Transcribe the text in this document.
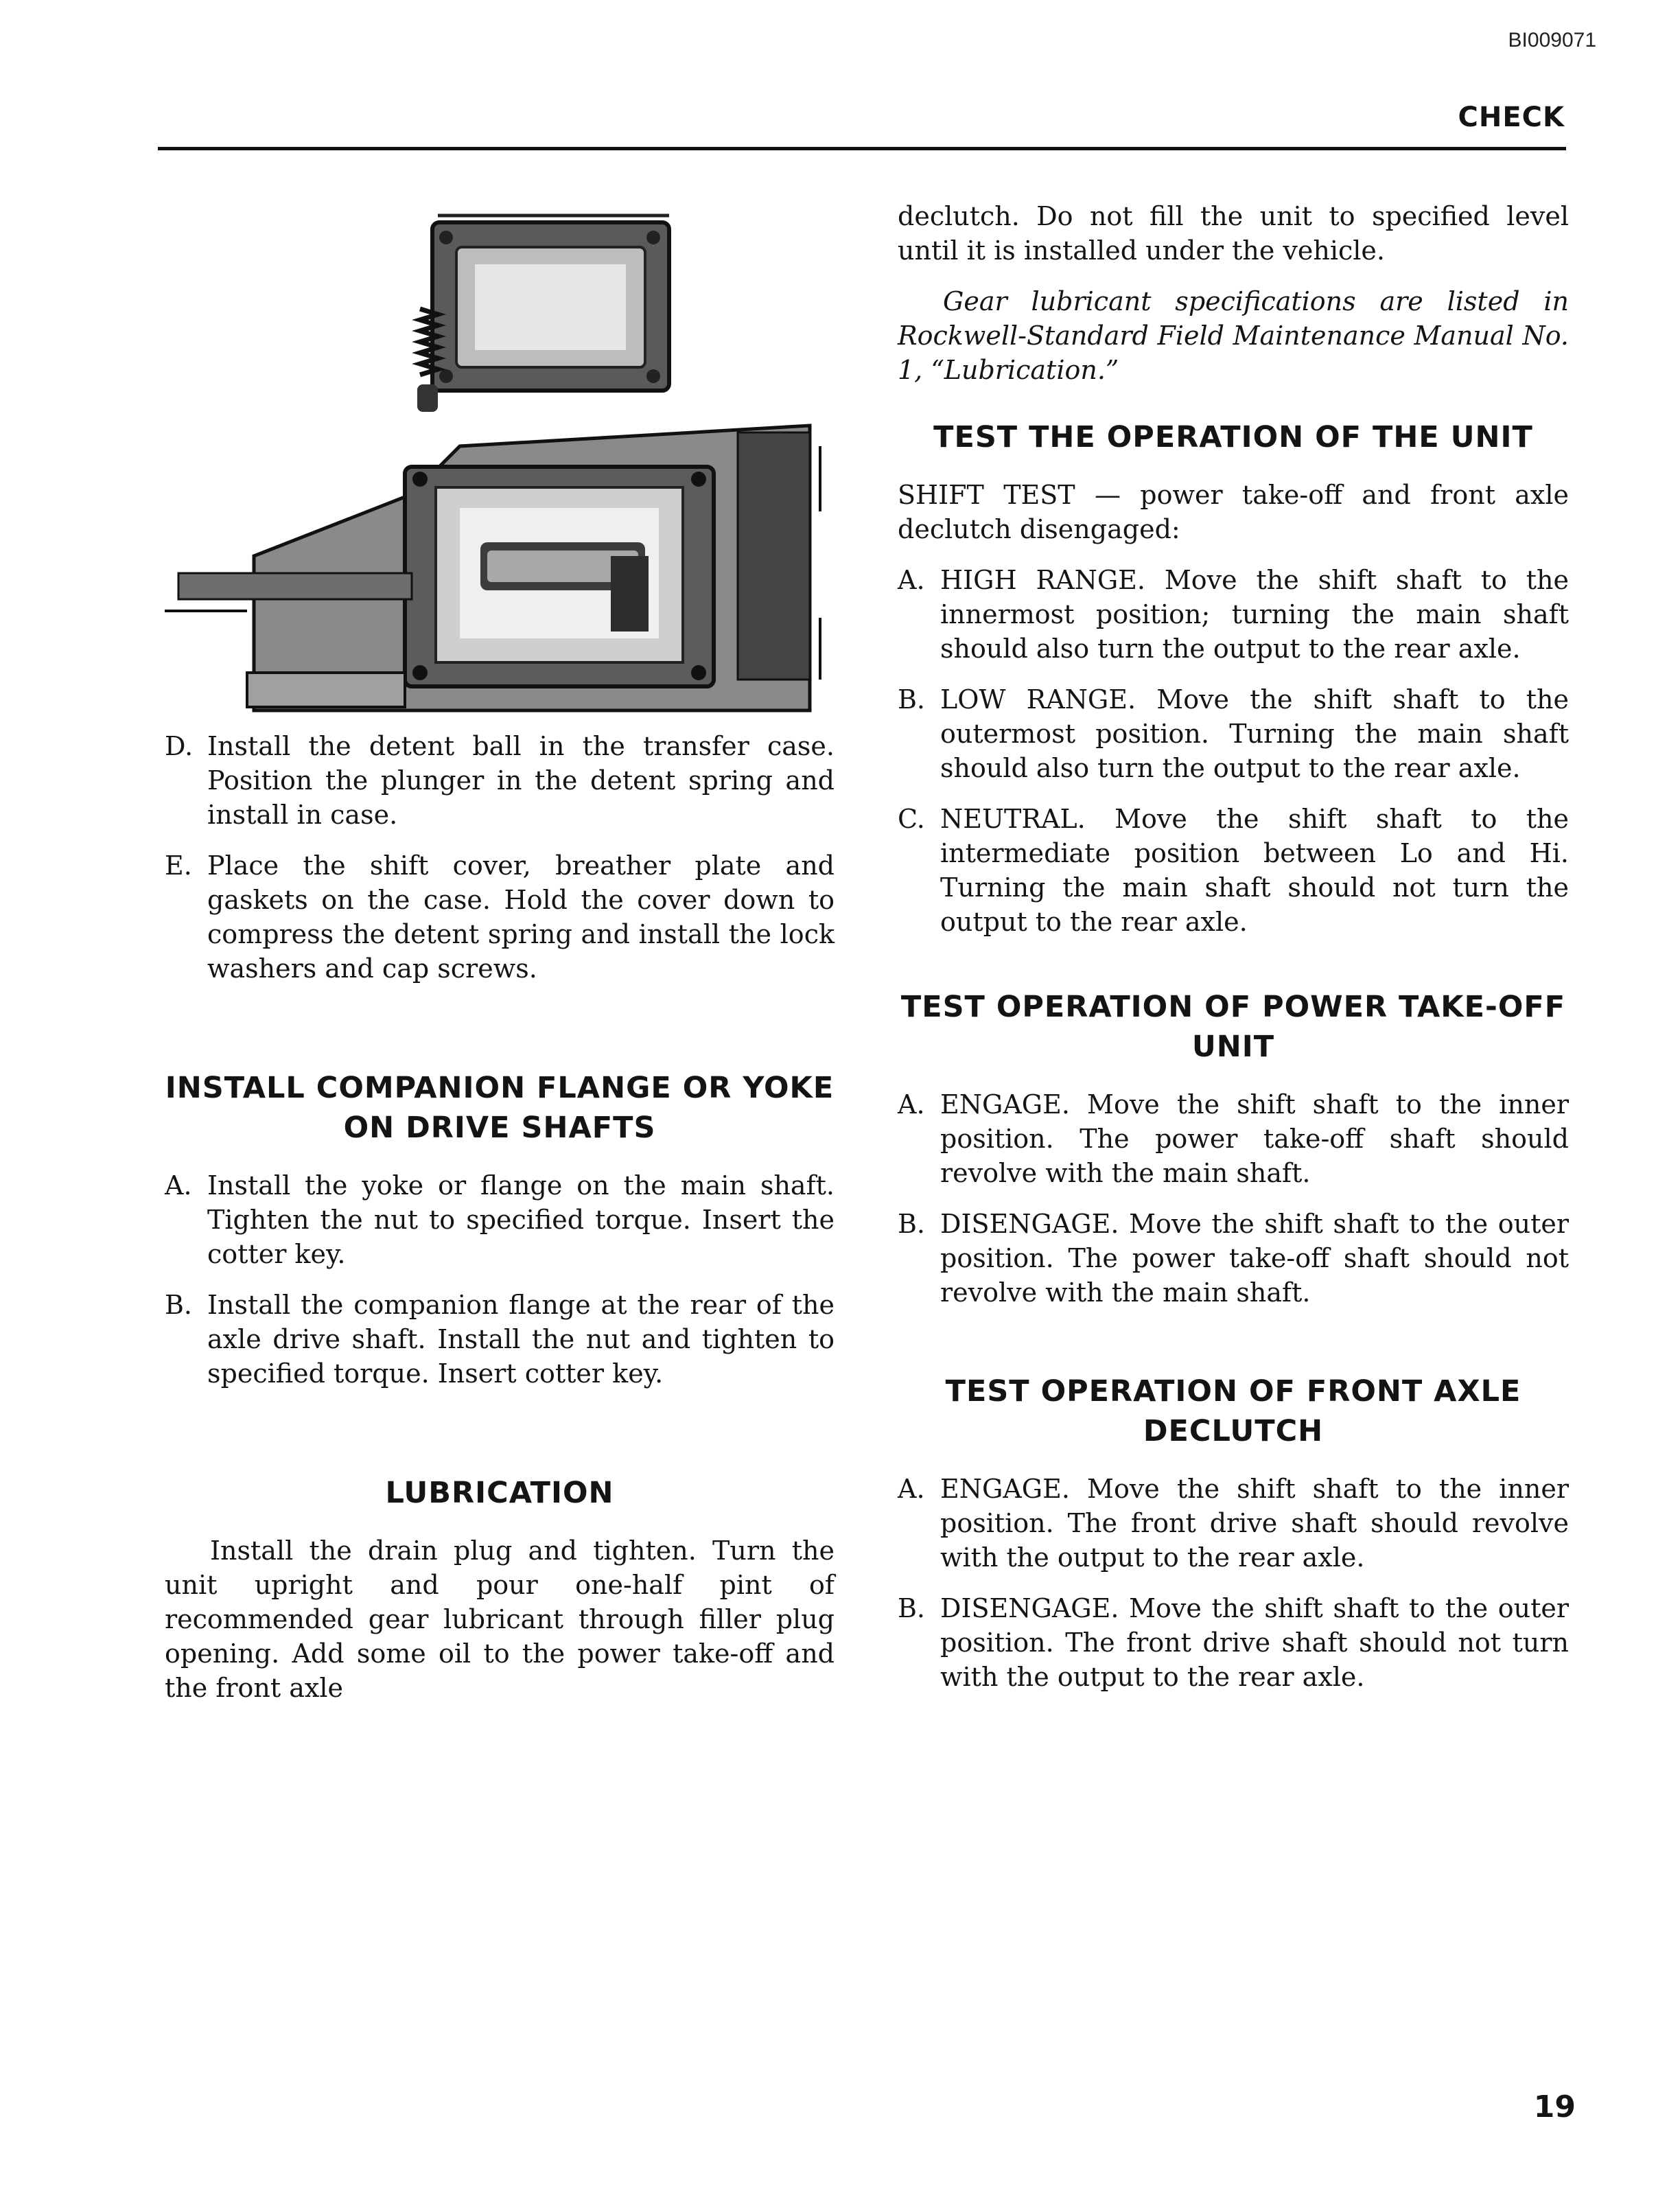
BI009071
CHECK
D. Install the detent ball in the transfer case. Position the plunger in the detent spring and install in case.
E. Place the shift cover, breather plate and gaskets on the case. Hold the cover down to compress the detent spring and install the lock washers and cap screws.
INSTALL COMPANION FLANGE OR YOKE ON DRIVE SHAFTS
A. Install the yoke or flange on the main shaft. Tighten the nut to specified torque. Insert the cotter key.
B. Install the companion flange at the rear of the axle drive shaft. Install the nut and tighten to specified torque. Insert cotter key.
LUBRICATION
Install the drain plug and tighten. Turn the unit upright and pour one-half pint of recommended gear lubricant through filler plug opening. Add some oil to the power take-off and the front axle
declutch. Do not fill the unit to specified level until it is installed under the vehicle.
Gear lubricant specifications are listed in Rockwell-Standard Field Maintenance Manual No. 1, “Lubrication.”
TEST THE OPERATION OF THE UNIT
SHIFT TEST — power take-off and front axle declutch disengaged:
A. HIGH RANGE. Move the shift shaft to the innermost position; turning the main shaft should also turn the output to the rear axle.
B. LOW RANGE. Move the shift shaft to the outermost position. Turning the main shaft should also turn the output to the rear axle.
C. NEUTRAL. Move the shift shaft to the intermediate position between Lo and Hi. Turning the main shaft should not turn the output to the rear axle.
TEST OPERATION OF POWER TAKE-OFF UNIT
A. ENGAGE. Move the shift shaft to the inner position. The power take-off shaft should revolve with the main shaft.
B. DISENGAGE. Move the shift shaft to the outer position. The power take-off shaft should not revolve with the main shaft.
TEST OPERATION OF FRONT AXLE DECLUTCH
A. ENGAGE. Move the shift shaft to the inner position. The front drive shaft should revolve with the output to the rear axle.
B. DISENGAGE. Move the shift shaft to the outer position. The front drive shaft should not turn with the output to the rear axle.
19
